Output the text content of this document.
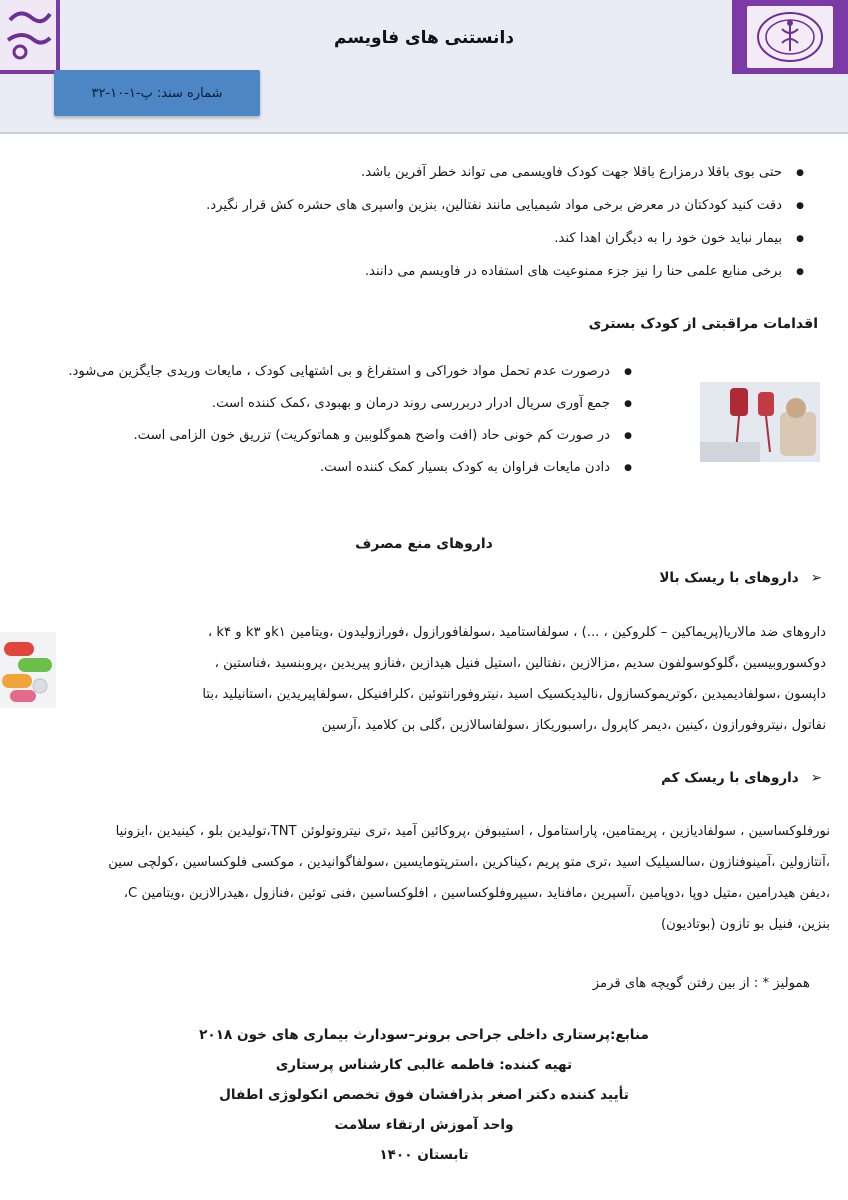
دانستنی های فاویسم
شماره سند: پ-۱-۱۰-۳۲
● حتی بوی باقلا درمزارع باقلا جهت کودک فاویسمی می تواند خطر آفرین باشد.
● دقت کنید کودکتان در معرض برخی مواد شیمیایی مانند نفتالین، بنزین واسپری های حشره کش قرار نگیرد.
● بیمار نباید خون خود را به دیگران اهدا کند.
● برخی منابع علمی حنا را نیز جزء ممنوعیت های استفاده در فاویسم می دانند.
اقدامات مراقبتی از کودک بستری
● درصورت عدم تحمل مواد خوراکی و استفراغ و بی اشتهایی کودک ، مایعات وریدی جایگزین می‌شود.
● جمع آوری سریال ادرار دربررسی روند درمان و بهبودی ،کمک کننده است.
● در صورت کم خونی حاد (افت واضح هموگلوبین و هماتوکریت) تزریق خون الزامی است.
● دادن مایعات فراوان به کودک بسیار کمک کننده است.
داروهای منع مصرف
➢داروهای با ریسک بالا
داروهای ضد مالاریا(پریماکین – کلروکین ، ...) ، سولفاستامید ،سولفافورازول ،فورازولیدون ،ویتامین k۱و k۳ و k۴ ،
دوکسوروبیسین ،گلوکوسولفون سدیم ،مزالازین ،نفتالین ،استیل فنیل هیدازین ،فنازو پیریدین ،پروبنسید ،فناستین ،
داپسون ،سولفادیمیدین ،کوتریموکسازول ،نالیدیکسیک اسید ،نیتروفورانتوئین ،کلرافنیکل ،سولفاپیریدین ،استانیلید ،بتا
نفاتول ،نیتروفورازون ،کینین ،دیمر کاپرول ،راسبوریکاز ،سولفاسالازین ،گلی بن کلامید ،آرسین
➢داروهای با ریسک کم
نورفلوکساسین ، سولفادیازین ، پریمتامین، پاراستامول ، استیبوفن ،پروکائین آمید ،تری نیتروتولوئن TNT،تولیدین بلو ، کینیدین ،ایزونیا
،آنتازولین ،آمینوفنازون ،سالسیلیک اسید ،تری متو پریم ،کیناکرین ،استرپتومایسین ،سولفاگوانیدین ، موکسی فلوکساسین ،کولچی سین
،دیفن هیدرامین ،متیل دوپا ،دوپامین ،آسپرین ،مافناید ،سیپروفلوکساسین ، افلوکساسین ،فنی توئین ،فنازول ،هیدرالازین ،ویتامین C،
بنزین، فنیل بو تازون (بوتادیون)
همولیز * : از بین رفتن گویچه های قرمز
منابع:پرستاری داخلی جراحی برونر–سودارث بیماری های خون ۲۰۱۸
تهیه کننده: فاطمه غالبی کارشناس پرستاری
تأیید کننده دکتر اصغر بذرافشان فوق تخصص انکولوژی اطفال
واحد آموزش ارتقاء سلامت
تابستان ۱۴۰۰
